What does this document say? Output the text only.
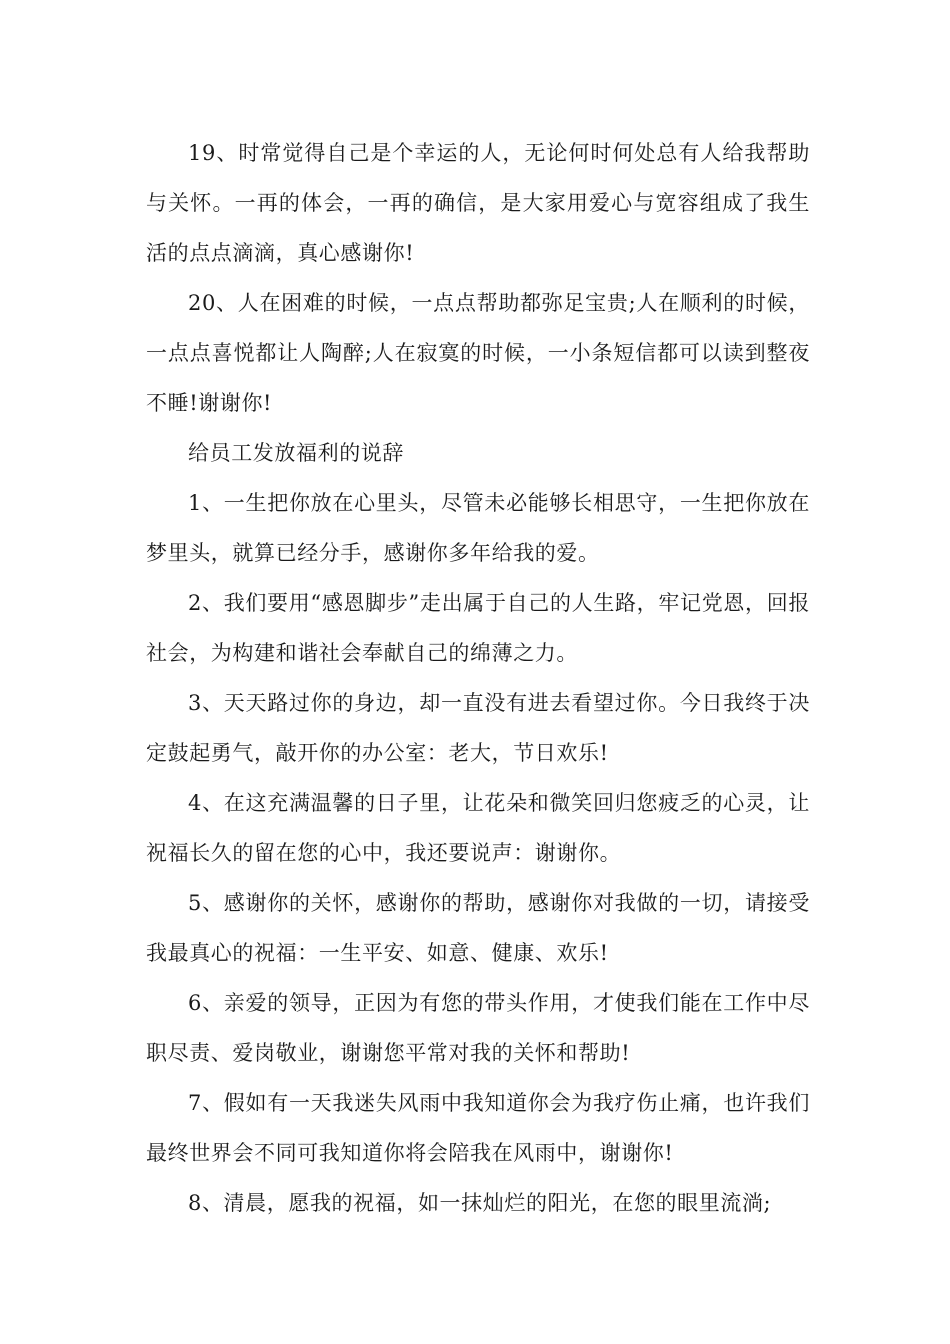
19、时常觉得自己是个幸运的人，无论何时何处总有人给我帮助与关怀。一再的体会，一再的确信，是大家用爱心与宽容组成了我生活的点点滴滴，真心感谢你!

20、人在困难的时候，一点点帮助都弥足宝贵;人在顺利的时候，一点点喜悦都让人陶醉;人在寂寞的时候，一小条短信都可以读到整夜不睡!谢谢你!

给员工发放福利的说辞

1、一生把你放在心里头，尽管未必能够长相思守，一生把你放在梦里头，就算已经分手，感谢你多年给我的爱。

2、我们要用“感恩脚步”走出属于自己的人生路，牢记党恩，回报社会，为构建和谐社会奉献自己的绵薄之力。

3、天天路过你的身边，却一直没有进去看望过你。今日我终于决定鼓起勇气，敲开你的办公室：老大，节日欢乐!

4、在这充满温馨的日子里，让花朵和微笑回归您疲乏的心灵，让祝福长久的留在您的心中，我还要说声：谢谢你。

5、感谢你的关怀，感谢你的帮助，感谢你对我做的一切，请接受我最真心的祝福：一生平安、如意、健康、欢乐!

6、亲爱的领导，正因为有您的带头作用，才使我们能在工作中尽职尽责、爱岗敬业，谢谢您平常对我的关怀和帮助!

7、假如有一天我迷失风雨中我知道你会为我疗伤止痛，也许我们最终世界会不同可我知道你将会陪我在风雨中，谢谢你!

8、清晨，愿我的祝福，如一抹灿烂的阳光，在您的眼里流淌;
